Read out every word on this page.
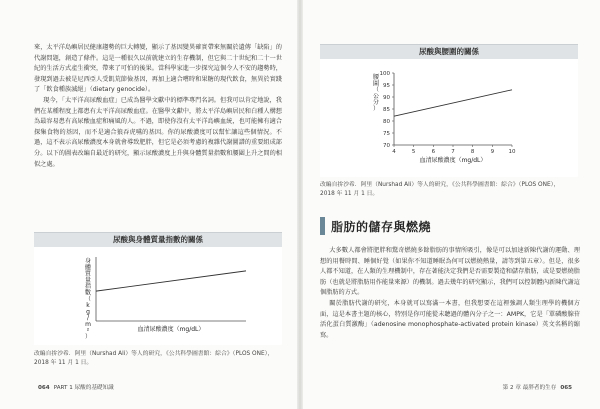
來，太平洋島嶼居民健康趨勢的巨大轉變，顯示了基因變異確實帶來無關於遺傳「缺陷」的代謝問題，創造了條件。這是一種很久以前就建立的生存機制，但它與二十世紀和二十一世紀的生活方式產生衝突，帶來了可怕的後果。當科學家進一步探究這個令人不安的趨勢時，發現到過去被是尼西亞人受飢荒節儉基因，再加上適合嚐時和果糖的現代飲食，無異於實踐了「飲食種族滅絕」（dietary genocide）。

現今，「太平洋高尿酸血症」已成為醫學文獻中的標準專門名詞。但我可以肯定地說，我們在某種程度上都患有太平洋高尿酸血症。在醫學文獻中，將太平洋島嶼居民和白種人構想為最容易患有高尿酸血症和痛風的人。不過，即使你沒有太平洋島嶼血統，也可能擁有適合探集食物的基因，而不是適合狼吞虎嚥的基因。你的尿酸濃度可以幫忙讓這些個情況。不過，這不表示高尿酸濃度本身就會導致肥胖，但它是必須考慮的複雜代謝圖譜的重要組成部分。以下的圖表改編自最近的研究，顯示尿酸濃度上升與身體質量指數和腰圍上升之間的相似之處。

尿酸與身體質量指數的關係
血清尿酸濃度（mg/dL）
身體質量指數（ k g / m ² ）
改編自拚沙希．阿里（Nurshad Ali）等人的研究，《公共科學圖書館：綜合》（PLOS ONE），2018 年 11 月 1 日。
尿酸與腰圍的關係
4	5	6	7	8	9	10
70
75
80
85
90
95
100
血清尿酸濃度（mg/dL）
腰圍（公分）
改編自拚沙希．阿里（Nurshad Ali）等人的研究，《公共科學圖書館：綜合》（PLOS ONE），2018 年 11 月 1 日。
脂肪的儲存與燃燒

大多數人都會將肥胖和驚奇燃燒多餘脂肪的事情所吸引，像是可以加速新陳代謝的運動、理想的用餐時間、睡個好覺（如果你不知道睡眠為何可以燃燒熱量，請等到第五章）。但是，很多人都不知道，在人類的生理機制中，存在著能決定我們是否需要製造和儲存脂肪，或是要燃燒脂肪（也就是將脂肪用作能量來源）的機制。過去幾年的研究顯示，我們可以控制體內新陳代謝這個脂肪的方式。

關於脂肪代謝的研究，本身就可以寫滿一本書，但我想要在這裡強調人類生理學的機個方面，這是本書主題的核心，特別是你可能從未聽過的體內分子之一：AMPK，它是「單磷酸腺苷活化蛋白質激酶」（adenosine monophosphate-activated protein kinase）英文名稱的縮寫。

064 PART 1 尿酸的基礎知識	第 2 章 最胖者的生存 065
